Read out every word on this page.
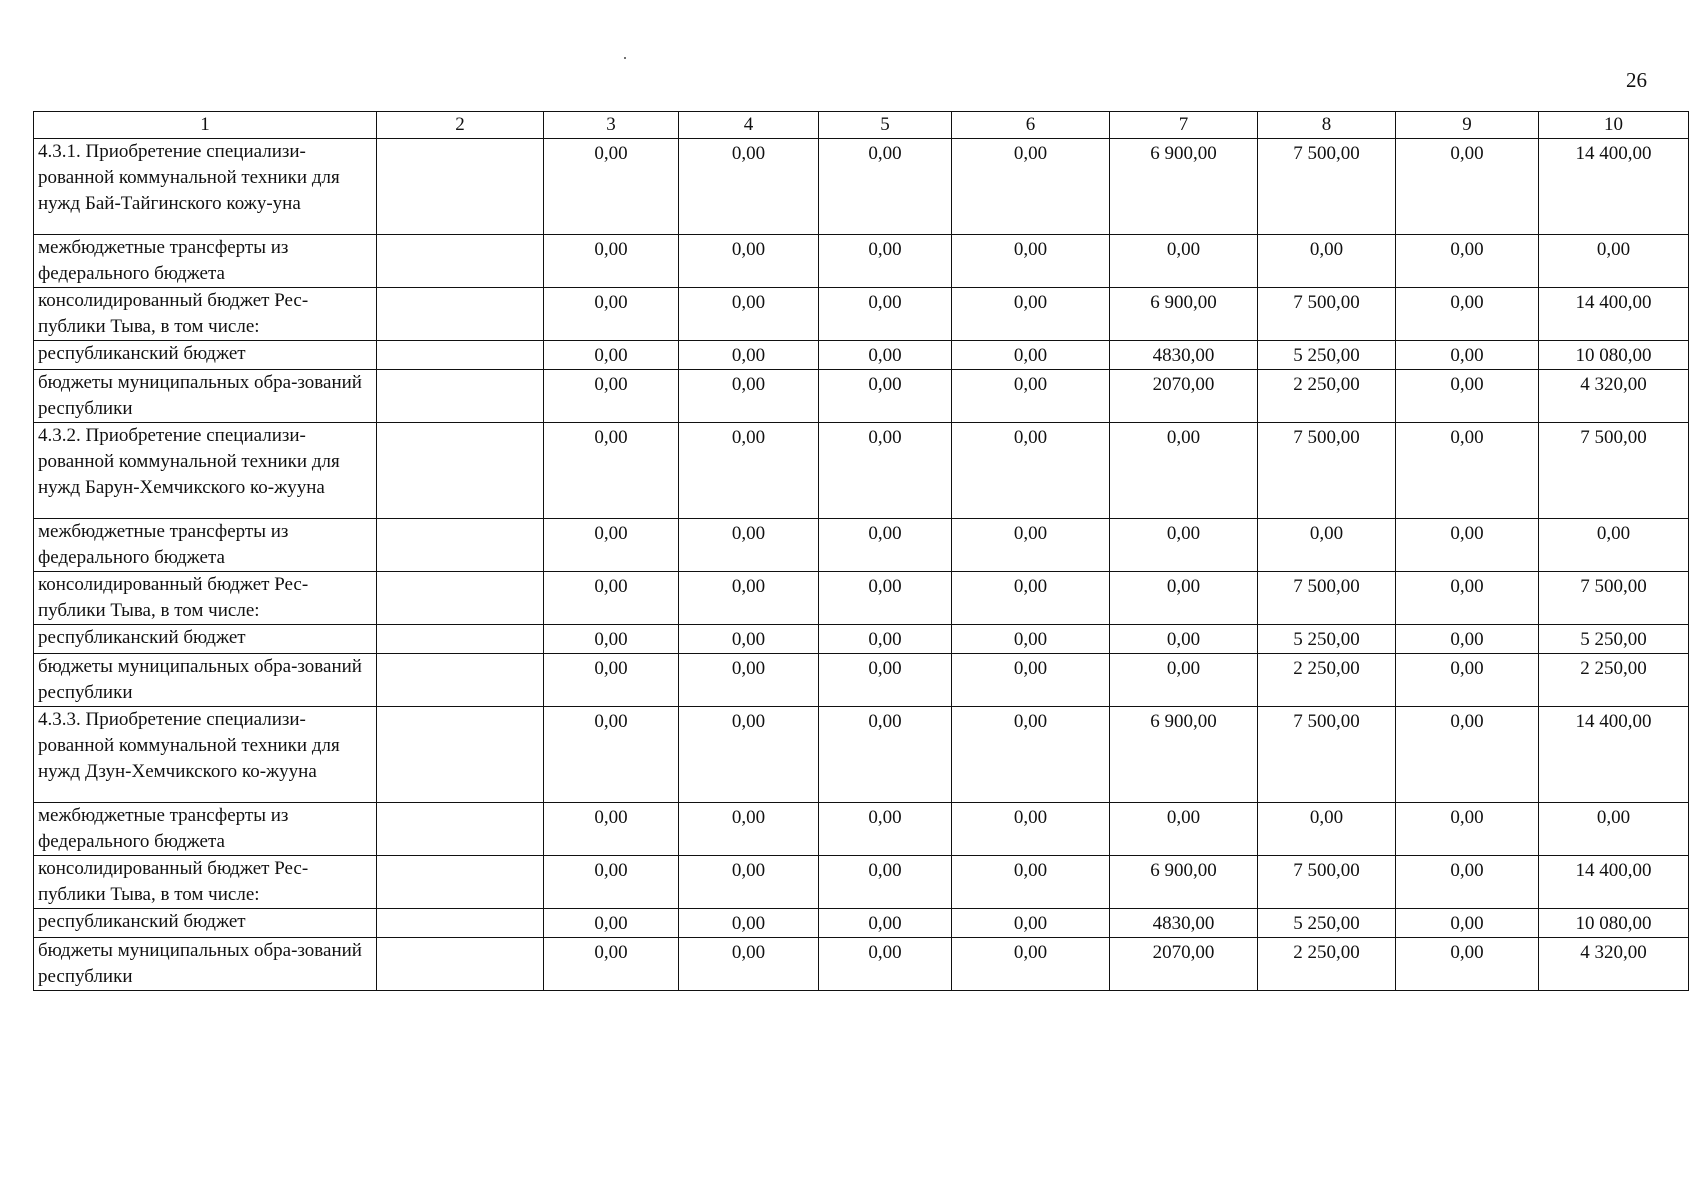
26
1	2	3	4	5	6	7	8	9	10
4.3.1. Приобретение специализи-рованной коммунальной техники для нужд Бай-Тайгинского кожу-уна		0,00	0,00	0,00	0,00	6 900,00	7 500,00	0,00	14 400,00
межбюджетные трансферты из федерального бюджета		0,00	0,00	0,00	0,00	0,00	0,00	0,00	0,00
консолидированный бюджет Рес-публики Тыва, в том числе:		0,00	0,00	0,00	0,00	6 900,00	7 500,00	0,00	14 400,00
республиканский бюджет		0,00	0,00	0,00	0,00	4830,00	5 250,00	0,00	10 080,00
бюджеты муниципальных обра-зований республики		0,00	0,00	0,00	0,00	2070,00	2 250,00	0,00	4 320,00
4.3.2. Приобретение специализи-рованной коммунальной техники для нужд Барун-Хемчикского ко-жууна		0,00	0,00	0,00	0,00	0,00	7 500,00	0,00	7 500,00
межбюджетные трансферты из федерального бюджета		0,00	0,00	0,00	0,00	0,00	0,00	0,00	0,00
консолидированный бюджет Рес-публики Тыва, в том числе:		0,00	0,00	0,00	0,00	0,00	7 500,00	0,00	7 500,00
республиканский бюджет		0,00	0,00	0,00	0,00	0,00	5 250,00	0,00	5 250,00
бюджеты муниципальных обра-зований республики		0,00	0,00	0,00	0,00	0,00	2 250,00	0,00	2 250,00
4.3.3. Приобретение специализи-рованной коммунальной техники для нужд Дзун-Хемчикского ко-жууна		0,00	0,00	0,00	0,00	6 900,00	7 500,00	0,00	14 400,00
межбюджетные трансферты из федерального бюджета		0,00	0,00	0,00	0,00	0,00	0,00	0,00	0,00
консолидированный бюджет Рес-публики Тыва, в том числе:		0,00	0,00	0,00	0,00	6 900,00	7 500,00	0,00	14 400,00
республиканский бюджет		0,00	0,00	0,00	0,00	4830,00	5 250,00	0,00	10 080,00
бюджеты муниципальных обра-зований республики		0,00	0,00	0,00	0,00	2070,00	2 250,00	0,00	4 320,00
